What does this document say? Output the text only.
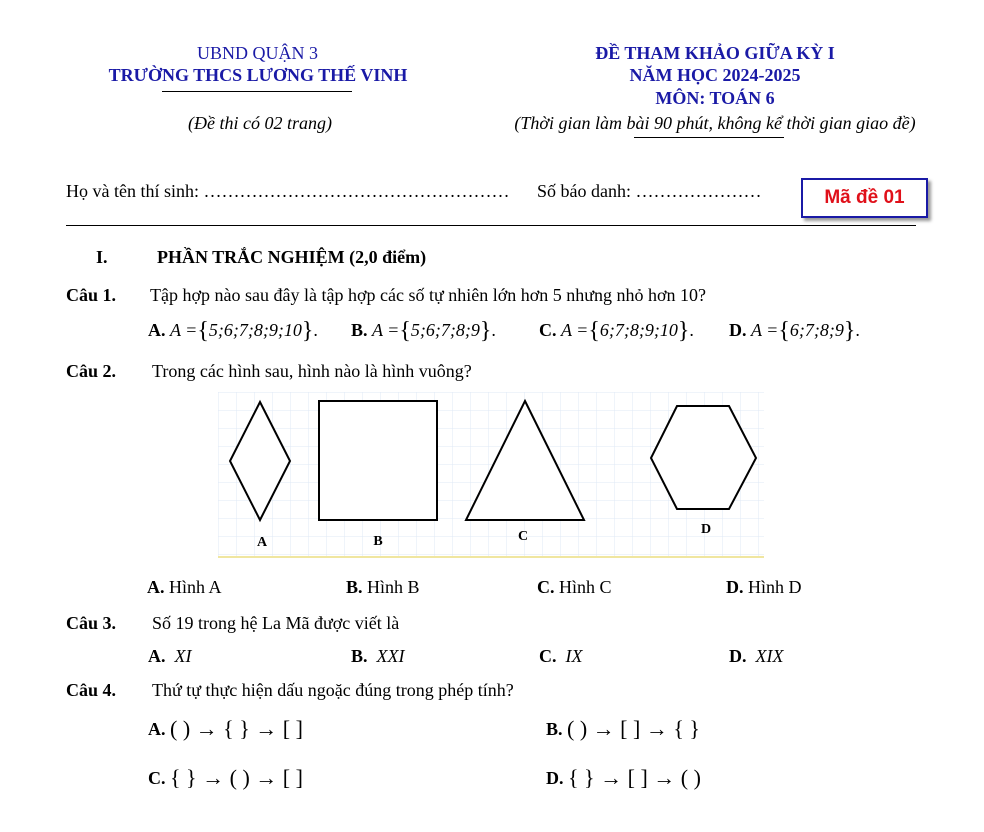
UBND QUẬN 3
TRƯỜNG THCS LƯƠNG THẾ VINH
(Đề thi có 02 trang)
ĐỀ THAM KHẢO GIỮA KỲ I
NĂM HỌC 2024-2025
MÔN: TOÁN 6
(Thời gian làm bài 90 phút, không kể thời gian giao đề)
Họ và tên thí sinh: …………………………………………… Số báo danh: …………………	Mã đề 01
I.	PHẦN TRẮC NGHIỆM (2,0 điểm)
Câu 1. Tập hợp nào sau đây là tập hợp các số tự nhiên lớn hơn 5 nhưng nhỏ hơn 10?
A. A ={5;6;7;8;9;10}. B. A ={5;6;7;8;9}. C. A ={6;7;8;9;10}. D. A ={6;7;8;9}.
Câu 2. Trong các hình sau, hình nào là hình vuông?
A	B	C	D
A. Hình A	B. Hình B	C. Hình C	D. Hình D
Câu 3. Số 19 trong hệ La Mã được viết là
A. XI	B. XXI	C. IX	D. XIX
Câu 4. Thứ tự thực hiện dấu ngoặc đúng trong phép tính?
A. ( ) → { } → [ ]	B. ( ) → [ ] → { }
C. { } → ( ) → [ ]	D. { } → [ ] → ( )
